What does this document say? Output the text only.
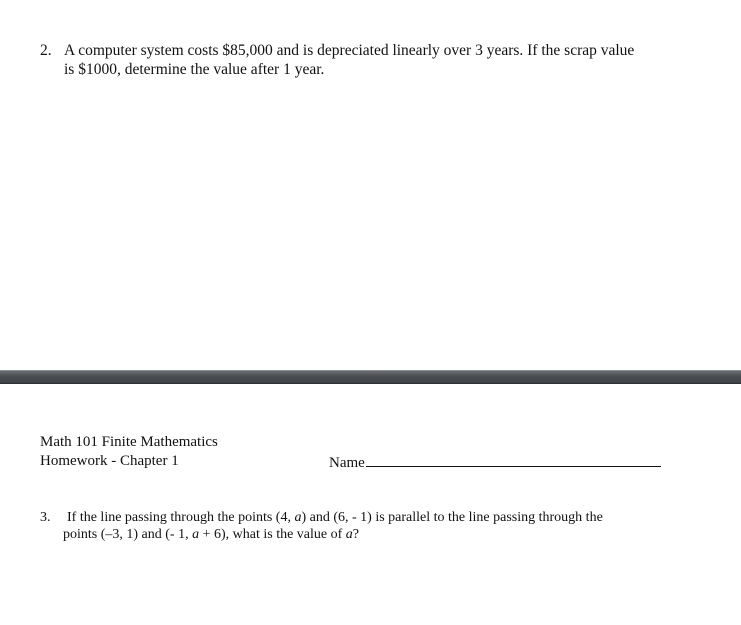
2. A computer system costs $85,000 and is depreciated linearly over 3 years. If the scrap value
is $1000, determine the value after 1 year.
Math 101 Finite Mathematics
Homework - Chapter 1	Name
3. If the line passing through the points (4, a) and (6, - 1) is parallel to the line passing through the
points (–3, 1) and (- 1, a + 6), what is the value of a?
